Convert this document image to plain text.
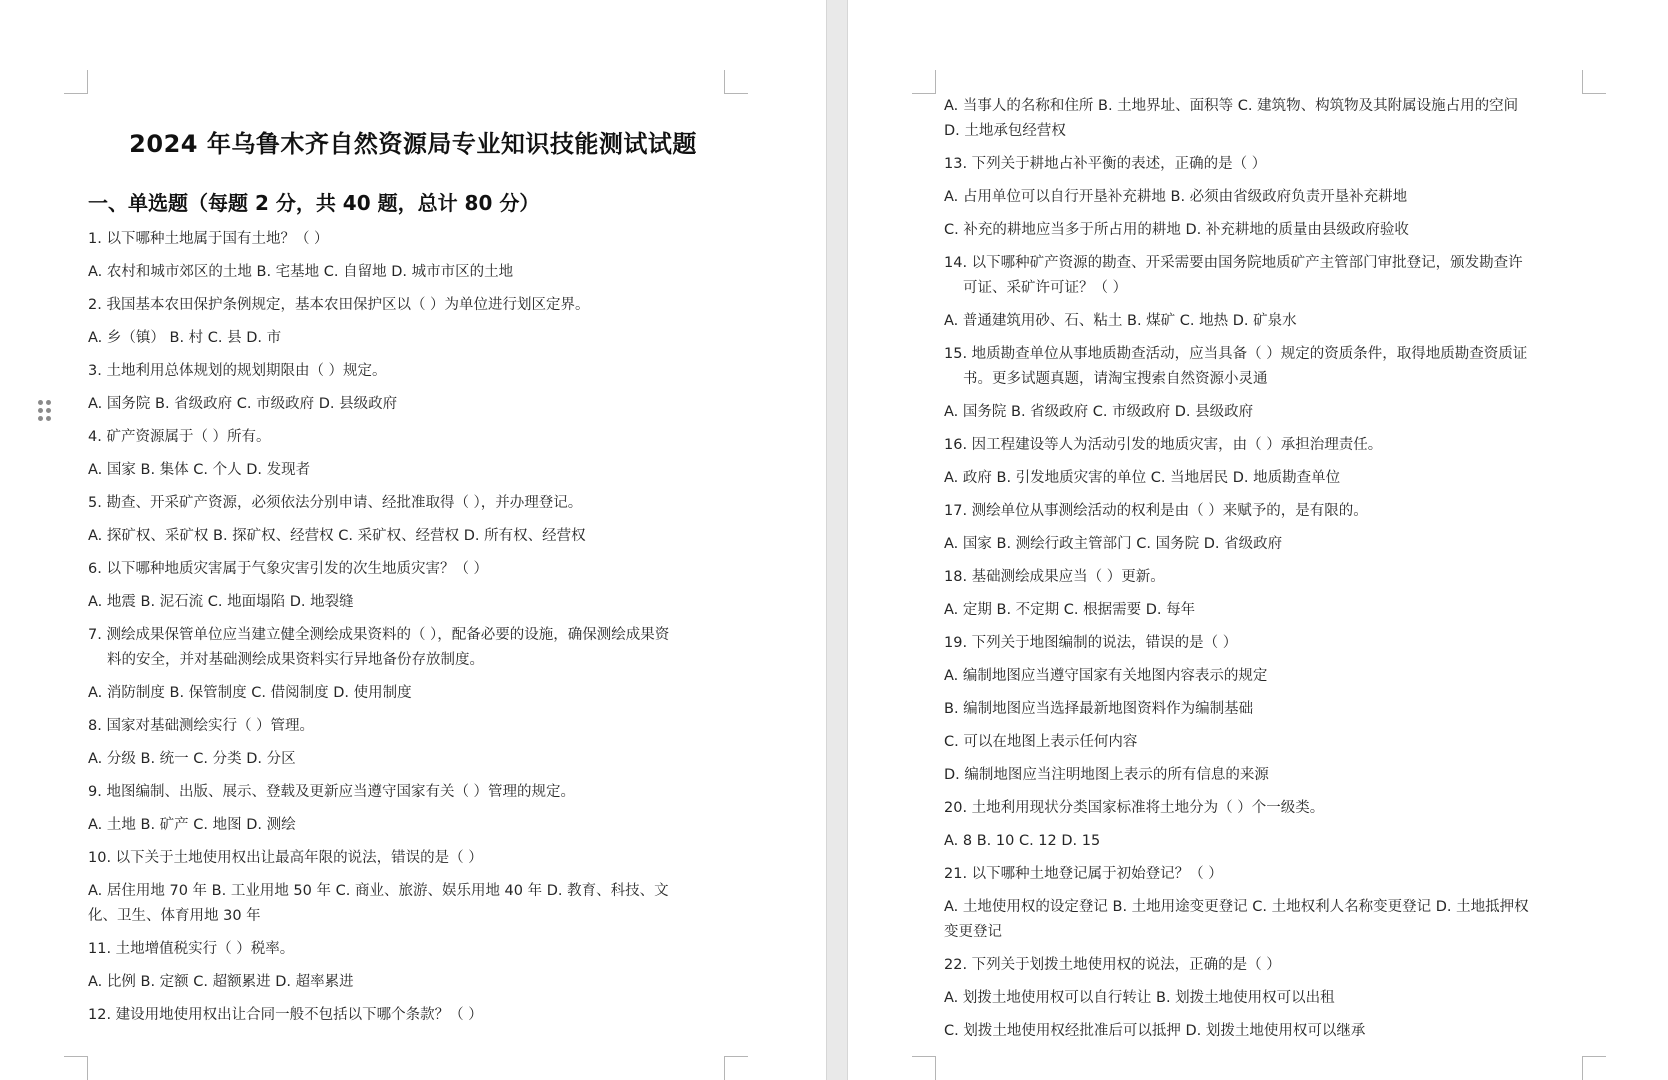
2024 年乌鲁木齐自然资源局专业知识技能测试试题
一、单选题（每题 2 分，共 40 题，总计 80 分）
1. 以下哪种土地属于国有土地？（ ）
A. 农村和城市郊区的土地 B. 宅基地 C. 自留地 D. 城市市区的土地
2. 我国基本农田保护条例规定，基本农田保护区以（ ）为单位进行划区定界。
A. 乡（镇） B. 村 C. 县 D. 市
3. 土地利用总体规划的规划期限由（ ）规定。
A. 国务院 B. 省级政府 C. 市级政府 D. 县级政府
4. 矿产资源属于（ ）所有。
A. 国家 B. 集体 C. 个人 D. 发现者
5. 勘查、开采矿产资源，必须依法分别申请、经批准取得（ ），并办理登记。
A. 探矿权、采矿权 B. 探矿权、经营权 C. 采矿权、经营权 D. 所有权、经营权
6. 以下哪种地质灾害属于气象灾害引发的次生地质灾害？（ ）
A. 地震 B. 泥石流 C. 地面塌陷 D. 地裂缝
7. 测绘成果保管单位应当建立健全测绘成果资料的（ ），配备必要的设施，确保测绘成果资
料的安全，并对基础测绘成果资料实行异地备份存放制度。
A. 消防制度 B. 保管制度 C. 借阅制度 D. 使用制度
8. 国家对基础测绘实行（ ）管理。
A. 分级 B. 统一 C. 分类 D. 分区
9. 地图编制、出版、展示、登载及更新应当遵守国家有关（ ）管理的规定。
A. 土地 B. 矿产 C. 地图 D. 测绘
10. 以下关于土地使用权出让最高年限的说法，错误的是（ ）
A. 居住用地 70 年 B. 工业用地 50 年 C. 商业、旅游、娱乐用地 40 年 D. 教育、科技、文
化、卫生、体育用地 30 年
11. 土地增值税实行（ ）税率。
A. 比例 B. 定额 C. 超额累进 D. 超率累进
12. 建设用地使用权出让合同一般不包括以下哪个条款？（ ）
A. 当事人的名称和住所 B. 土地界址、面积等 C. 建筑物、构筑物及其附属设施占用的空间
D. 土地承包经营权
13. 下列关于耕地占补平衡的表述，正确的是（ ）
A. 占用单位可以自行开垦补充耕地 B. 必须由省级政府负责开垦补充耕地
C. 补充的耕地应当多于所占用的耕地 D. 补充耕地的质量由县级政府验收
14. 以下哪种矿产资源的勘查、开采需要由国务院地质矿产主管部门审批登记，颁发勘查许
可证、采矿许可证？（ ）
A. 普通建筑用砂、石、粘土 B. 煤矿 C. 地热 D. 矿泉水
15. 地质勘查单位从事地质勘查活动，应当具备（ ）规定的资质条件，取得地质勘查资质证
书。更多试题真题，请淘宝搜索自然资源小灵通
A. 国务院 B. 省级政府 C. 市级政府 D. 县级政府
16. 因工程建设等人为活动引发的地质灾害，由（ ）承担治理责任。
A. 政府 B. 引发地质灾害的单位 C. 当地居民 D. 地质勘查单位
17. 测绘单位从事测绘活动的权利是由（ ）来赋予的，是有限的。
A. 国家 B. 测绘行政主管部门 C. 国务院 D. 省级政府
18. 基础测绘成果应当（ ）更新。
A. 定期 B. 不定期 C. 根据需要 D. 每年
19. 下列关于地图编制的说法，错误的是（ ）
A. 编制地图应当遵守国家有关地图内容表示的规定
B. 编制地图应当选择最新地图资料作为编制基础
C. 可以在地图上表示任何内容
D. 编制地图应当注明地图上表示的所有信息的来源
20. 土地利用现状分类国家标准将土地分为（ ）个一级类。
A. 8 B. 10 C. 12 D. 15
21. 以下哪种土地登记属于初始登记？（ ）
A. 土地使用权的设定登记 B. 土地用途变更登记 C. 土地权利人名称变更登记 D. 土地抵押权
变更登记
22. 下列关于划拨土地使用权的说法，正确的是（ ）
A. 划拨土地使用权可以自行转让 B. 划拨土地使用权可以出租
C. 划拨土地使用权经批准后可以抵押 D. 划拨土地使用权可以继承
